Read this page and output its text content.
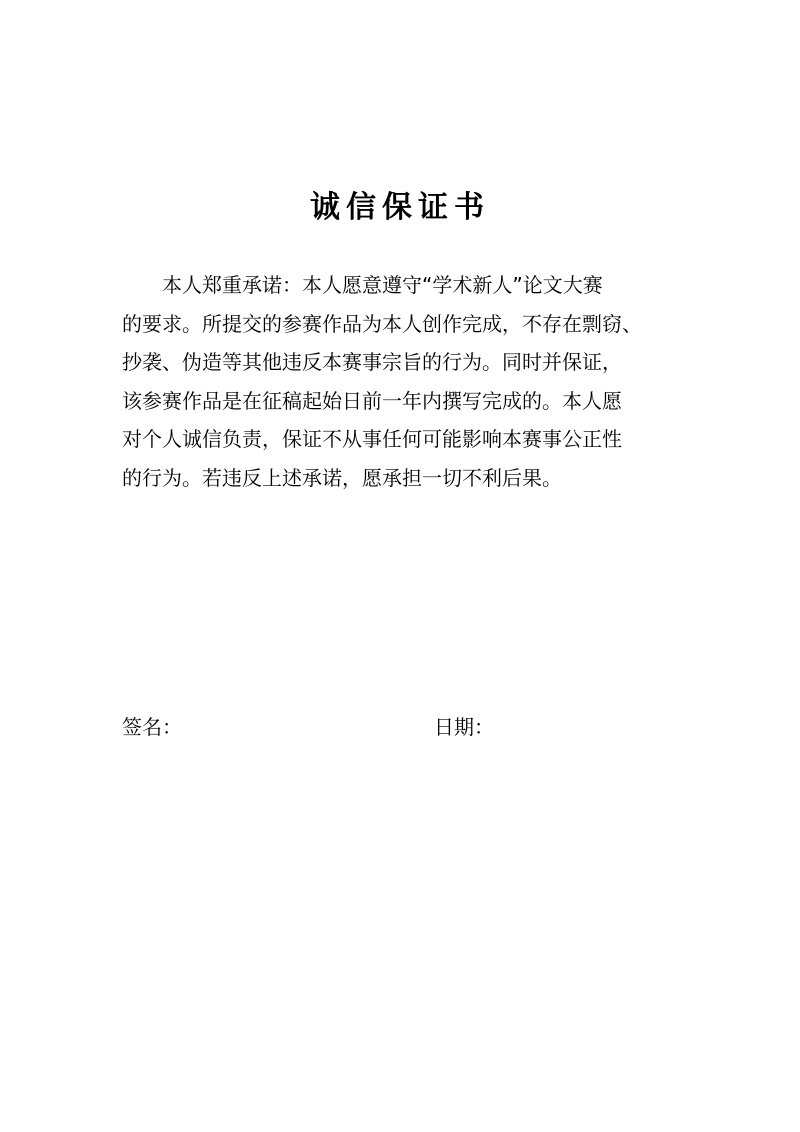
诚信保证书
本人郑重承诺：本人愿意遵守“学术新人”论文大赛
的要求。所提交的参赛作品为本人创作完成，不存在剽窃、
抄袭、伪造等其他违反本赛事宗旨的行为。同时并保证，
该参赛作品是在征稿起始日前一年内撰写完成的。本人愿
对个人诚信负责，保证不从事任何可能影响本赛事公正性
的行为。若违反上述承诺，愿承担一切不利后果。
签名：	日期：
